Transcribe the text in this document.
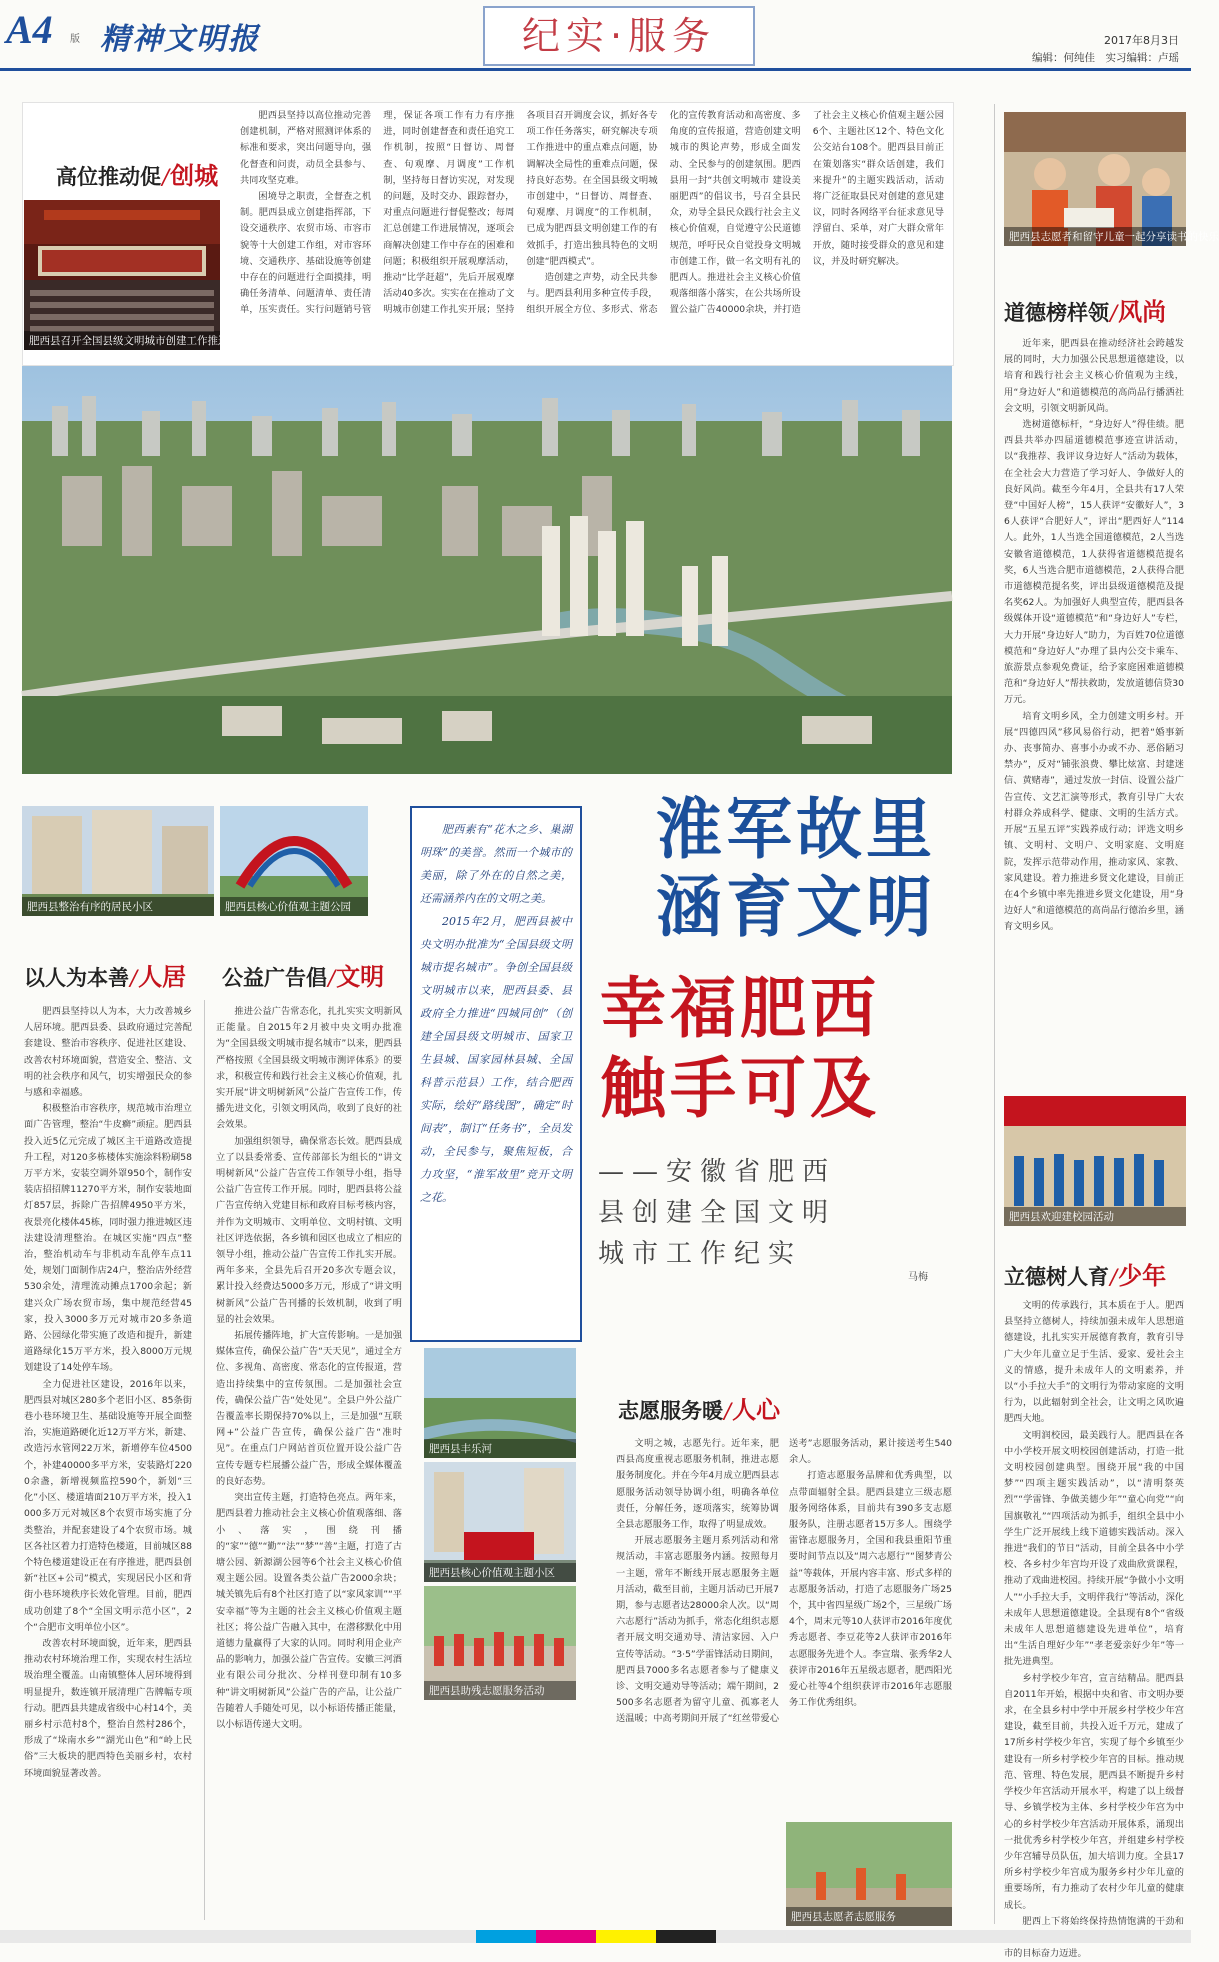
A4 版 精神文明报	纪实·服务	2017年8月3日
编辑：何纯佳　实习编辑：卢瑶
高位推动促/创城
肥西县召开全国县级文明城市创建工作推进大会

肥西县坚持以高位推动完善创建机制，严格对照测评体系的标准和要求，突出问题导向，强化督查和问责，动员全县参与、共同攻坚克难。

困境导之职责，全督查之机制。肥西县成立创建指挥部，下设交通秩序、农贸市场、市容市貌等十大创建工作组，对市容环境、交通秩序、基础设施等创建中存在的问题进行全面摸排，明确任务清单、问题清单、责任清单，压实责任。实行问题销号管理，保证各项工作有力有序推进，同时创建督查和责任追究工作机制，按照“日督访、周督查、旬观摩、月调度”工作机制，坚持每日督访实况，对发现的问题，及时交办、跟踪督办，对重点问题进行督促整改；每周汇总创建工作进展情况，逐项会商解决创建工作中存在的困难和问题；积极组织开展观摩活动，推动“比学赶超”，先后开展观摩活动40多次。实实在在推动了文明城市创建工作扎实开展；坚持各项目召开调度会议，抓好各专项工作任务落实，研究解决专项工作推进中的重点难点问题，协调解决全局性的重难点问题，保持良好态势。在全国县级文明城市创建中，“日督访、周督查、旬观摩、月调度”的工作机制，已成为肥西县文明创建工作的有效抓手，打造出独具特色的文明创建“肥西模式”。

造创建之声势，动全民共参与。肥西县利用多种宣传手段，组织开展全方位、多形式、常态化的宣传教育活动和高密度、多角度的宣传报道，营造创建文明城市的舆论声势，形成全面发动、全民参与的创建氛围。肥西县用一封“共创文明城市 建设美丽肥西”的倡议书，号召全县民众，劝导全县民众践行社会主义核心价值观，自觉遵守公民道德规范，呼吁民众自觉投身文明城市创建工作，做一名文明有礼的肥西人。推进社会主义核心价值观落细落小落实，在公共场所设置公益广告40000余块，并打造了社会主义核心价值观主题公园6个、主题社区12个、特色文化公交站台108个。肥西县目前正在策划落实“群众话创建，我们来提升”的主题实践活动，活动将广泛征取县民对创建的意见建议，同时各网络平台征求意见导浮留白、采单，对广大群众常年开放，随时接受群众的意见和建议，并及时研究解决。

肥西县整治有序的居民小区	肥西县核心价值观主题公园
以人为本善/人居 公益广告倡/文明

肥西县坚持以人为本，大力改善城乡人居环境。肥西县委、县政府通过完善配套建设、整治市容秩序、促进社区建设、改善农村环境面貌，营造安全、整洁、文明的社会秩序和风气，切实增强民众的参与感和幸福感。

积极整治市容秩序，规范城市治理立面广告管理，整治“牛皮癣”顽症。肥西县投入近5亿元完成了城区主干道路改造提升工程，对120多栋楼体实施涂料粉刷58万平方米，安装空调外罩950个，制作安装店招招牌11270平方米，制作安装地面灯857层，拆除广告招牌4950平方米，夜景亮化楼体45栋，同时强力推进城区违法建设清理整治。在城区实施“四点”整治，整治机动车与非机动车乱停车点11处，规划门面制作店24户，整治店外经营530余处，清理流动摊点1700余起；新建兴众广场农贸市场，集中规范经营45家，投入3000多万元对城市20多条道路、公园绿化带实施了改造和提升，新建道路绿化15万平方米，投入8000万元规划建设了14处停车场。

全力促进社区建设，2016年以来，肥西县对城区280多个老旧小区、85条街巷小巷环境卫生、基础设施等开展全面整治，实施道路硬化近12万平方米，新建、改造污水管网22万米，新增停车位4500个，补建40000多平方米，安装路灯2200余盏，新增视频监控590个，新划“三化”小区、楼道墙面210万平方米，投入1000多万元对城区8个农贸市场实施了分类整治，并配套建设了4个农贸市场。城区各社区着力打造特色楼道，目前城区88个特色楼道建设正在有序推进，肥西县创新“社区+公司”模式，实现居民小区和背街小巷环境秩序长效化管理。目前，肥西成功创建了8个“全国文明示范小区”，2个“合肥市文明单位小区”。

改善农村环境面貌，近年来，肥西县推动农村环境治理工作，实现农村生活垃圾治理全覆盖。山南镇整体人居环境得到明显提升，数连镇开展清理广告牌幅专项行动。肥西县共建成省级中心村14个，美丽乡村示范村8个，整治自然村286个，形成了“垛南水乡”“湖光山色”和“岭上民俗”三大板块的肥西特色美丽乡村，农村环境面貌显著改善。

推进公益广告常态化，扎扎实实文明新风正能量。自2015年2月被中央文明办批准为“全国县级文明城市提名城市”以来，肥西县严格按照《全国县级文明城市测评体系》的要求，积极宣传和践行社会主义核心价值观，扎实开展“讲文明树新风”公益广告宣传工作，传播先进文化，引领文明风尚，收到了良好的社会效果。

加强组织领导，确保常态长效。肥西县成立了以县委常委、宣传部部长为组长的“讲文明树新风”公益广告宣传工作领导小组，指导公益广告宣传工作开展。同时，肥西县将公益广告宣传纳入党建目标和政府目标考核内容，并作为文明城市、文明单位、文明村镇、文明社区评选依据，各乡镇和园区也成立了相应的领导小组，推动公益广告宣传工作扎实开展。两年多来，全县先后召开20多次专题会议，累计投入经费达5000多万元，形成了“讲文明树新风”公益广告刊播的长效机制，收到了明显的社会效果。

拓展传播阵地，扩大宣传影响。一是加强媒体宣传，确保公益广告“天天见”，通过全方位、多视角、高密度、常态化的宣传报道，营造出持续集中的宣传氛围。二是加强社会宣传，确保公益广告“处处见”。全县户外公益广告覆盖率长期保持70%以上，三是加强“互联网+”公益广告宣传，确保公益广告“准时见”。在重点门户网站首页位置开设公益广告宣传专题专栏展播公益广告，形成全媒体覆盖的良好态势。

突出宣传主题，打造特色亮点。两年来，肥西县着力推动社会主义核心价值观落细、落小、落实，围绕刊播的“家”“德”“勤”“法”“梦”“善”主题，打造了古塘公园、新源湖公园等6个社会主义核心价值观主题公园。设置各类公益广告2000余块；城关镇先后有8个社区打造了以“家风家训”“平安幸福”等为主题的社会主义核心价值观主题社区；将公益广告融入其中，在潜移默化中用道德力量赢得了大家的认同。同时利用企业产品的影响力，加强公益广告宣传。安徽三河酒业有限公司分批次、分样刊登印制有10多种“讲文明树新风”公益广告的产品，让公益广告随着人手随处可见，以小标语传播正能量，以小标语传递大文明。

肥西素有“花木之乡、巢湖明珠”的美誉。然而一个城市的美丽，除了外在的自然之美，还需涵养内在的文明之美。

2015年2月，肥西县被中央文明办批准为“全国县级文明城市提名城市”。争创全国县级文明城市以来，肥西县委、县政府全力推进“四城同创”（创建全国县级文明城市、国家卫生县城、国家园林县城、全国科普示范县）工作，结合肥西实际，绘好“路线图”，确定“时间表”，制订“任务书”，全员发动，全民参与，聚焦短板，合力攻坚，“淮军故里”竞开文明之花。

肥西县丰乐河
肥西县核心价值观主题小区
肥西县助残志愿服务活动
淮军故里
涵育文明
幸福肥西
触手可及
——安徽省肥西
县创建全国文明
城市工作纪实
马梅
志愿服务暖/人心

文明之城，志愿先行。近年来，肥西县高度重视志愿服务机制，推进志愿服务制度化。并在今年4月成立肥西县志愿服务活动领导协调小组，明确各单位责任，分解任务，逐项落实，统筹协调全县志愿服务工作，取得了明显成效。

开展志愿服务主题月系列活动和常规活动，丰富志愿服务内涵。按照每月一主题，常年不断线开展志愿服务主题月活动，截至目前，主题月活动已开展7期，参与志愿者达28000余人次。以“周六志愿行”活动为抓手，常态化组织志愿者开展文明交通劝导、清洁家园、入户宣传等活动。“3·5”学雷锋活动日期间，肥西县7000多名志愿者参与了健康义诊、文明交通劝导等活动；端午期间，2500多名志愿者为留守儿童、孤寡老人送温暖；中高考期间开展了“红丝带爱心送考”志愿服务活动，累计接送考生540余人。

打造志愿服务品牌和优秀典型，以点带面辐射全县。肥西县建立三级志愿服务网络体系，目前共有390多支志愿服务队，注册志愿者15万多人。围绕学雷锋志愿服务月，全国和我县重阳节重要时间节点以及“周六志愿行”“图梦青公益”等载体，开展内容丰富、形式多样的志愿服务活动，打造了志愿服务广场25个，其中省四星级广场2个，三星级广场4个，周末元等10人获评市2016年度优秀志愿者、李豆花等2人获评市2016年志愿服务先进个人。李宣瑞、张秀华2人获评市2016年五星级志愿者，肥西阳光爱心社等4个组织获评市2016年志愿服务工作优秀组织。

肥西县志愿者志愿服务
肥西县志愿者和留守儿童一起分享读书的快乐
道德榜样领/风尚

近年来，肥西县在推动经济社会跨越发展的同时，大力加强公民思想道德建设，以培育和践行社会主义核心价值观为主线，用“身边好人”和道德模范的高尚品行播洒社会文明，引领文明新风尚。

选树道德标杆，“身边好人”得佳绩。肥西县共举办四届道德模范事迹宣讲活动，以“我推荐、我评议身边好人”活动为载体，在全社会大力营造了学习好人、争做好人的良好风尚。截至今年4月，全县共有17人荣登“中国好人榜”，15人获评“安徽好人”，36人获评“合肥好人”，评出“肥西好人”114人。此外，1人当选全国道德模范，2人当选安徽省道德模范，1人获得省道德模范提名奖，6人当选合肥市道德模范，2人获得合肥市道德模范提名奖，评出县级道德模范及提名奖62人。为加强好人典型宣传，肥西县各级媒体开设“道德模范”和“身边好人”专栏，大力开展“身边好人”助力，为百姓70位道德模范和“身边好人”办理了县内公交卡乘车、旅游景点参观免费证，给予家庭困难道德模范和“身边好人”帮扶救助，发放道德信贷30万元。

培育文明乡风，全力创建文明乡村。开展“四德四风”移风易俗行动，把着“婚事新办、丧事简办、喜事小办或不办、恶俗陋习禁办”，反对“铺张浪费、攀比炫富、封建迷信、黄赌毒”，通过发放一封信、设置公益广告宣传、文艺汇演等形式，教育引导广大农村群众养成科学、健康、文明的生活方式。开展“五星五评”实践养成行动；评选文明乡镇、文明村、文明户、文明家庭、文明庭院，发挥示范带动作用，推动家风、家教、家风建设。着力推进乡贤文化建设，目前正在4个乡镇中率先推进乡贤文化建设，用“身边好人”和道德模范的高尚品行德治乡里，涵育文明乡风。

肥西县欢迎建校园活动
立德树人育/少年

文明的传承践行，其本质在于人。肥西县坚持立德树人，持续加强未成年人思想道德建设，扎扎实实开展德育教育，教育引导广大少年儿童立足于生活、爱家、爱社会主义的情感，提升未成年人的文明素养，并以“小手拉大手”的文明行为带动家庭的文明行为，以此辐射到全社会，让文明之风吹遍肥西大地。

文明润校园，最美践行人。肥西县在各中小学校开展文明校园创建活动，打造一批文明校园创建典型。围绕开展“我的中国梦”“四项主题实践活动”，以“清明祭英烈”“学雷锋、争做美德少年”“童心向党”“向国旗敬礼”“四项活动为抓手，组织全县中小学生广泛开展线上线下道德实践活动。深入推进“我们的节日”活动，目前全县各中小学校、各乡村少年宫均开设了戏曲欣赏课程，推动了戏曲进校园。持续开展“争做小小文明人”“小手拉大手，文明伴我行”等活动，深化未成年人思想道德建设。全县现有8个“省级未成年人思想道德建设先进单位”，培育出“生活自理好少年”“孝老爱亲好少年”等一批先进典型。

乡村学校少年宫，宣言结精品。肥西县自2011年开始，根据中央和省、市文明办要求，在全县乡村中学中开展乡村学校少年宫建设，截至目前，共投入近千万元，建成了17所乡村学校少年宫，实现了每个乡镇至少建设有一所乡村学校少年宫的目标。推动规范、管理、特色发展，肥西县不断提升乡村学校少年宫活动开展水平，构建了以上级督导、乡镇学校为主体、乡村学校少年宫为中心的乡村学校少年宫活动开展体系，涌现出一批优秀乡村学校少年宫，并组建乡村学校少年宫辅导员队伍，加大培训力度。全县17所乡村学校少年宫成为服务乡村少年儿童的重要场所，有力推动了农村少年儿童的健康成长。

肥西上下将始终保持热情饱满的干劲和 市的目标奋力迈进。
